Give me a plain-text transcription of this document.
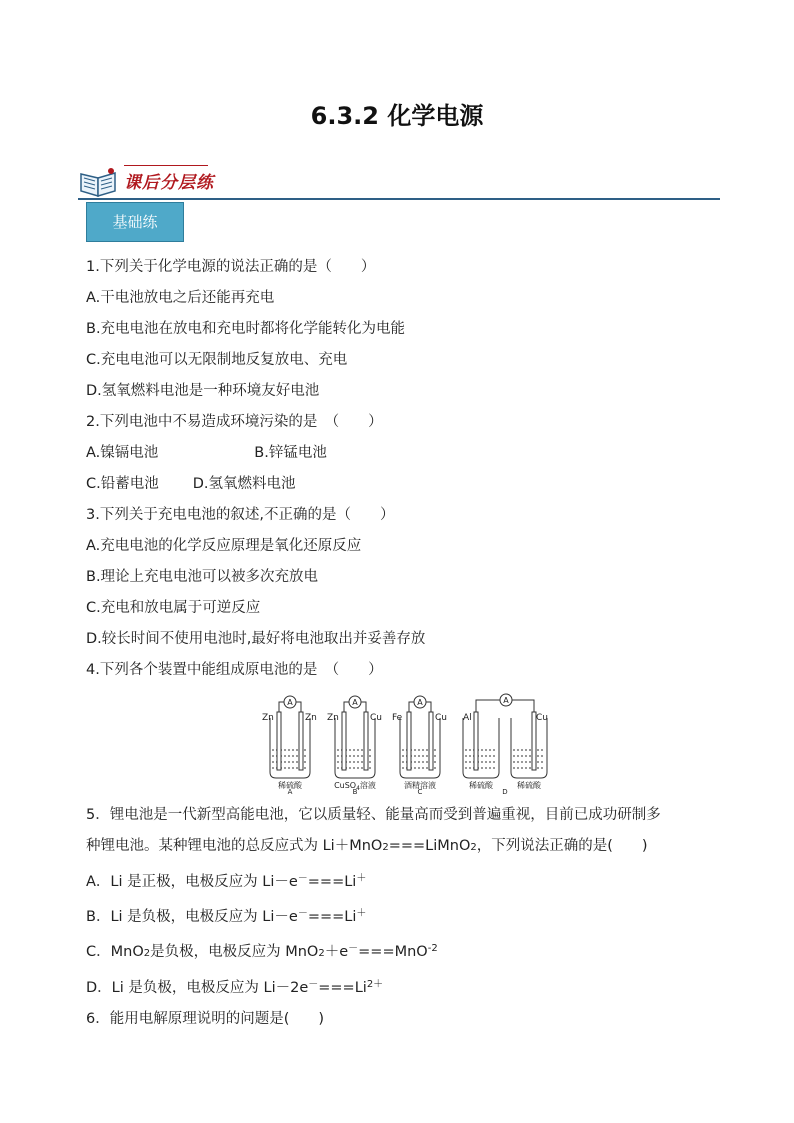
6.3.2 化学电源
课后分层练
基础练
1.下列关于化学电源的说法正确的是（　　）
A.干电池放电之后还能再充电
B.充电电池在放电和充电时都将化学能转化为电能
C.充电电池可以无限制地反复放电、充电
D.氢氧燃料电池是一种环境友好电池
2.下列电池中不易造成环境污染的是　（　　）
A.镍镉电池	B.锌锰电池
C.铅蓄电池 D.氢氧燃料电池
3.下列关于充电电池的叙述,不正确的是（　　）
A.充电电池的化学反应原理是氧化还原反应
B.理论上充电电池可以被多次充放电
C.充电和放电属于可逆反应
D.较长时间不使用电池时,最好将电池取出并妥善存放
4.下列各个装置中能组成原电池的是　（　　）
A	A	A	A
Zn	Zn Zn	Cu Fe	Cu Al	Cu
稀硫酸	CuSO$_4$溶液	酒精溶液	稀硫酸	稀硫酸
A	B	C	D
5．锂电池是一代新型高能电池，它以质量轻、能量高而受到普遍重视，目前已成功研制多
种锂电池。某种锂电池的总反应式为 Li＋MnO2===LiMnO2，下列说法正确的是(　　)
A．Li 是正极，电极反应为 Li－e－===Li＋
B．Li 是负极，电极反应为 Li－e－===Li＋
C．MnO2是负极，电极反应为 MnO2＋e－===MnO$^{-2}$
D．Li 是负极，电极反应为 $Li-2e^-===Li^{2+}$
6．能用电解原理说明的问题是(　　)
